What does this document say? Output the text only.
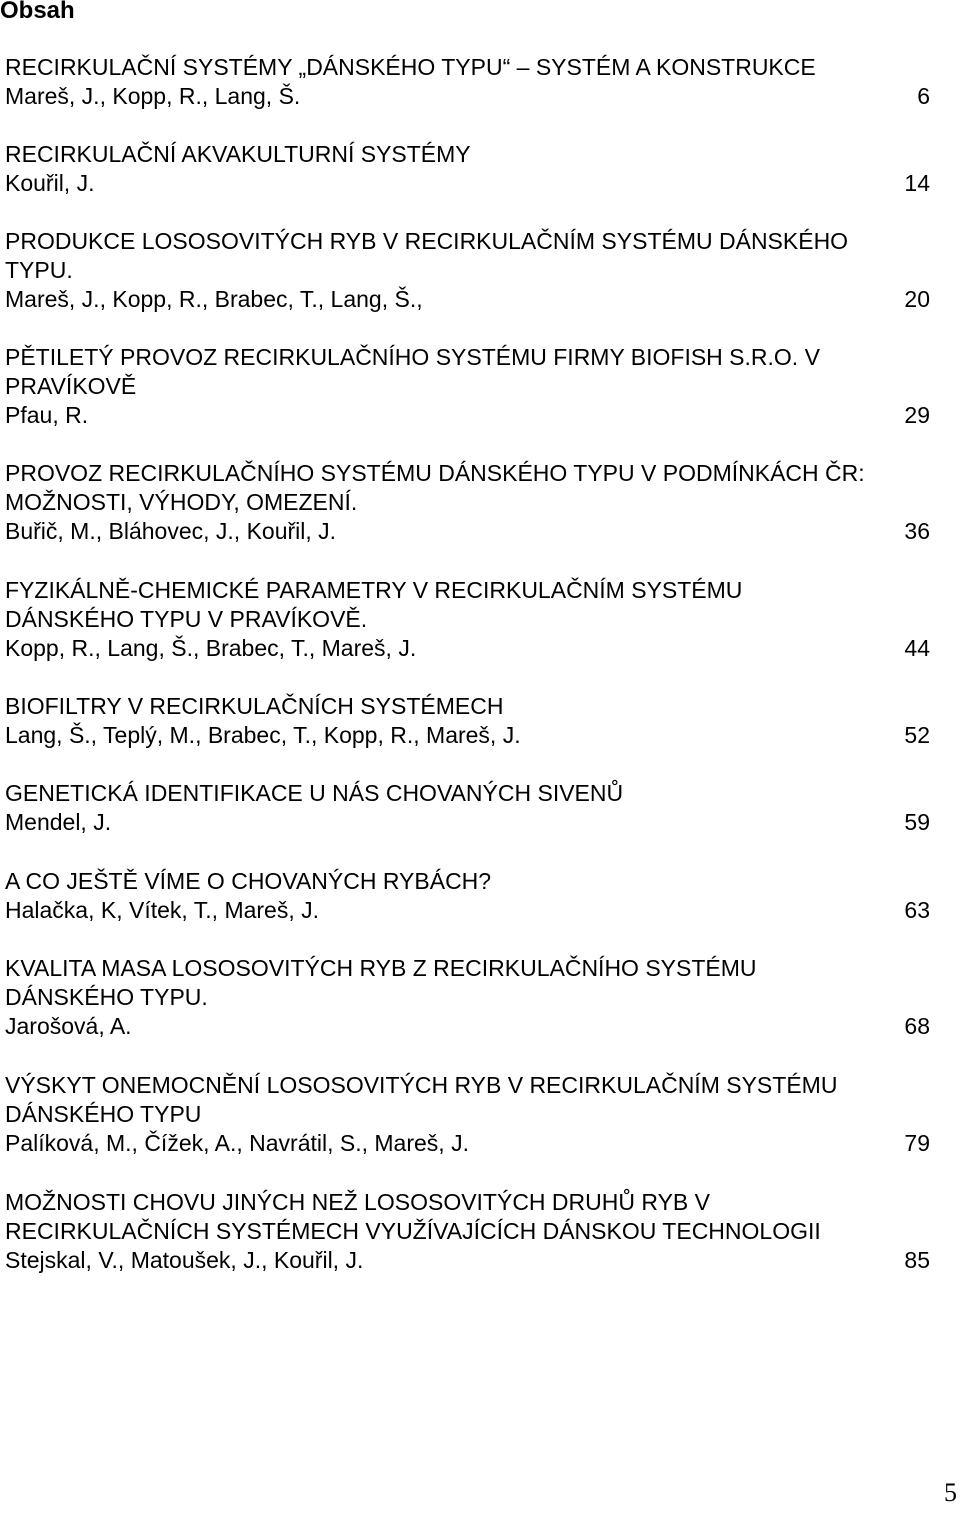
Obsah
RECIRKULAČNÍ SYSTÉMY „DÁNSKÉHO TYPU“ – SYSTÉM A KONSTRUKCE
Mareš, J., Kopp, R., Lang, Š.	6
RECIRKULAČNÍ AKVAKULTURNÍ SYSTÉMY
Kouřil, J.	14
PRODUKCE LOSOSOVITÝCH RYB V RECIRKULAČNÍM SYSTÉMU DÁNSKÉHO
TYPU.
Mareš, J., Kopp, R., Brabec, T., Lang, Š.,	20
PĚTILETÝ PROVOZ RECIRKULAČNÍHO SYSTÉMU FIRMY BIOFISH S.R.O. V
PRAVÍKOVĚ
Pfau, R.	29
PROVOZ RECIRKULAČNÍHO SYSTÉMU DÁNSKÉHO TYPU V PODMÍNKÁCH ČR:
MOŽNOSTI, VÝHODY, OMEZENÍ.
Buřič, M., Bláhovec, J., Kouřil, J.	36
FYZIKÁLNĚ-CHEMICKÉ PARAMETRY V RECIRKULAČNÍM SYSTÉMU
DÁNSKÉHO TYPU V PRAVÍKOVĚ.
Kopp, R., Lang, Š., Brabec, T., Mareš, J.	44
BIOFILTRY V RECIRKULAČNÍCH SYSTÉMECH
Lang, Š., Teplý, M., Brabec, T., Kopp, R., Mareš, J.	52
GENETICKÁ IDENTIFIKACE U NÁS CHOVANÝCH SIVENŮ
Mendel, J.	59
A CO JEŠTĚ VÍME O CHOVANÝCH RYBÁCH?
Halačka, K, Vítek, T., Mareš, J.	63
KVALITA MASA LOSOSOVITÝCH RYB Z RECIRKULAČNÍHO SYSTÉMU
DÁNSKÉHO TYPU.
Jarošová, A.	68
VÝSKYT ONEMOCNĚNÍ LOSOSOVITÝCH RYB V RECIRKULAČNÍM SYSTÉMU
DÁNSKÉHO TYPU
Palíková, M., Čížek, A., Navrátil, S., Mareš, J.	79
MOŽNOSTI CHOVU JINÝCH NEŽ LOSOSOVITÝCH DRUHŮ RYB V
RECIRKULAČNÍCH SYSTÉMECH VYUŽÍVAJÍCÍCH DÁNSKOU TECHNOLOGII
Stejskal, V., Matoušek, J., Kouřil, J.	85
5
